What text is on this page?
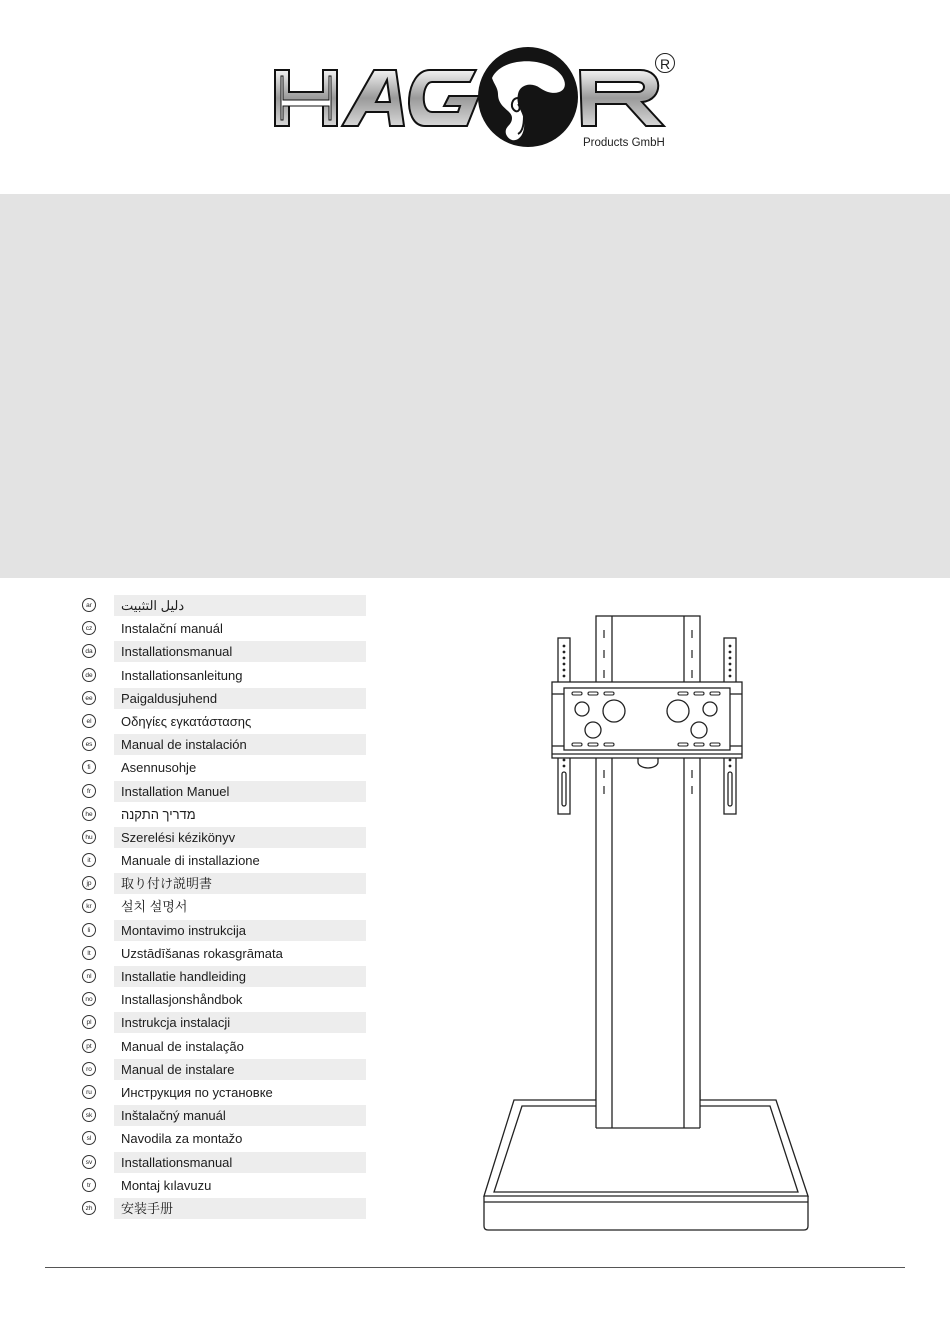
R
Products GmbH
ar	دليل التثبيت
cz	Instalační manuál
da	Installationsmanual
de	Installationsanleitung
ee	Paigaldusjuhend
el	Οδηγίες εγκατάστασης
es	Manual de instalación
fi	Asennusohje
fr	Installation Manuel
he	מדריך התקנה
hu	Szerelési kézikönyv
it	Manuale di installazione
jp	取り付け説明書
kr	설치 설명서
li	Montavimo instrukcija
lt	Uzstādīšanas rokasgrāmata
nl	Installatie handleiding
no	Installasjonshåndbok
pl	Instrukcja instalacji
pt	Manual de instalação
ro	Manual de instalare
ru	Инструкция по установке
sk	Inštalačný manuál
sl	Navodila za montažo
sv	Installationsmanual
tr	Montaj kılavuzu
zh	安装手册
